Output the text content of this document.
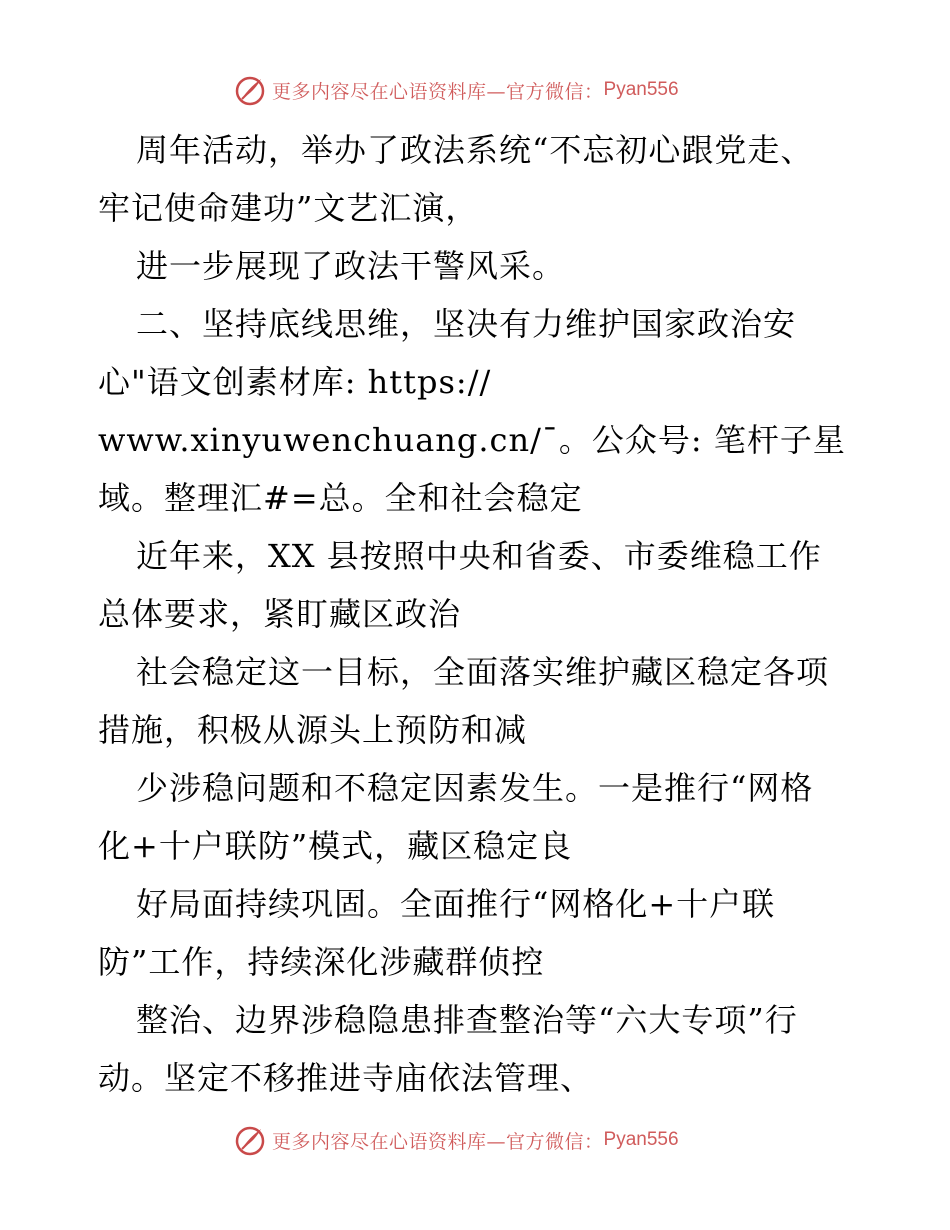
更多内容尽在心语资料库—官方微信： Pyan556
周年活动，举办了政法系统“不忘初心跟党走、
牢记使命建功”文艺汇演，
进一步展现了政法干警风采。
二、坚持底线思维，坚决有力维护国家政治安
心"语文创素材库: https://
www.xinyuwenchuang.cn/¯。公众号: 笔杆子星
域。整理汇#=总。全和社会稳定
近年来，XX 县按照中央和省委、市委维稳工作
总体要求，紧盯藏区政治
社会稳定这一目标，全面落实维护藏区稳定各项
措施，积极从源头上预防和减
少涉稳问题和不稳定因素发生。一是推行“网格
化+十户联防”模式，藏区稳定良
好局面持续巩固。全面推行“网格化+十户联
防”工作，持续深化涉藏群侦控
整治、边界涉稳隐患排查整治等“六大专项”行
动。坚定不移推进寺庙依法管理、
更多内容尽在心语资料库—官方微信： Pyan556
